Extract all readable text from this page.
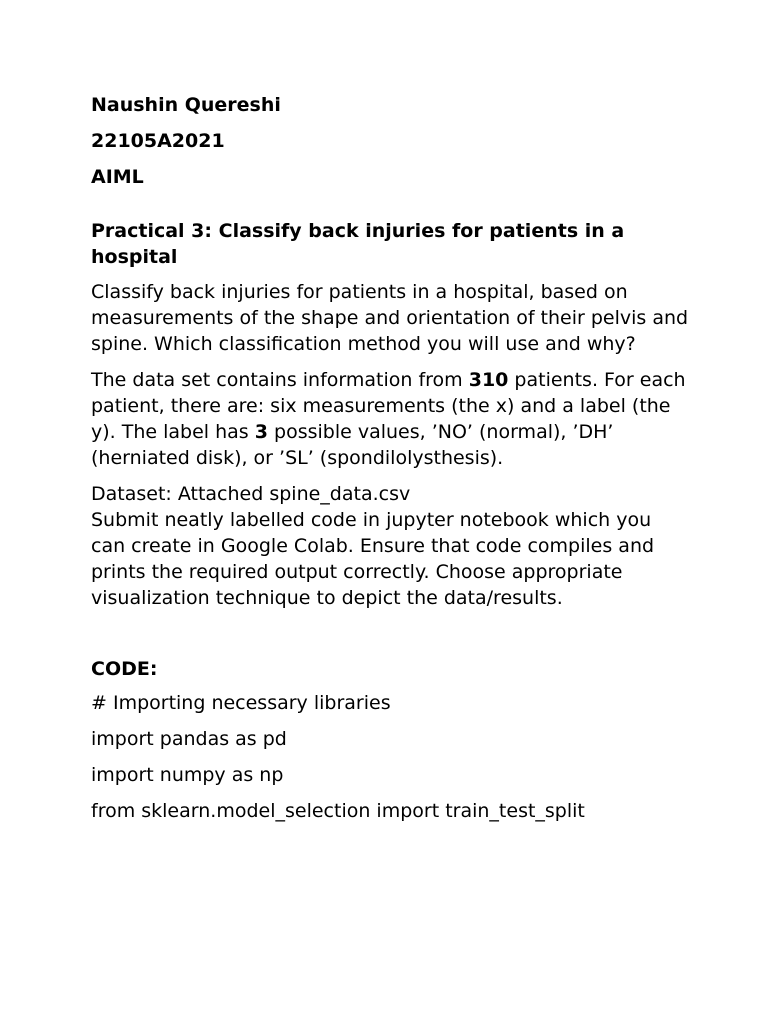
Naushin Quereshi
22105A2021
AIML
Practical 3: Classify back injuries for patients in a hospital

Classify back injuries for patients in a hospital, based on measurements of the shape and orientation of their pelvis and spine. Which classification method you will use and why?

The data set contains information from 310 patients. For each patient, there are: six measurements (the x) and a label (the y). The label has 3 possible values, ’NO’ (normal), ’DH’ (herniated disk), or ’SL’ (spondilolysthesis).

Dataset: Attached spine_data.csv
Submit neatly labelled code in jupyter notebook which you can create in Google Colab. Ensure that code compiles and prints the required output correctly. Choose appropriate visualization technique to depict the data/results.
CODE:
# Importing necessary libraries
import pandas as pd
import numpy as np
from sklearn.model_selection import train_test_split
